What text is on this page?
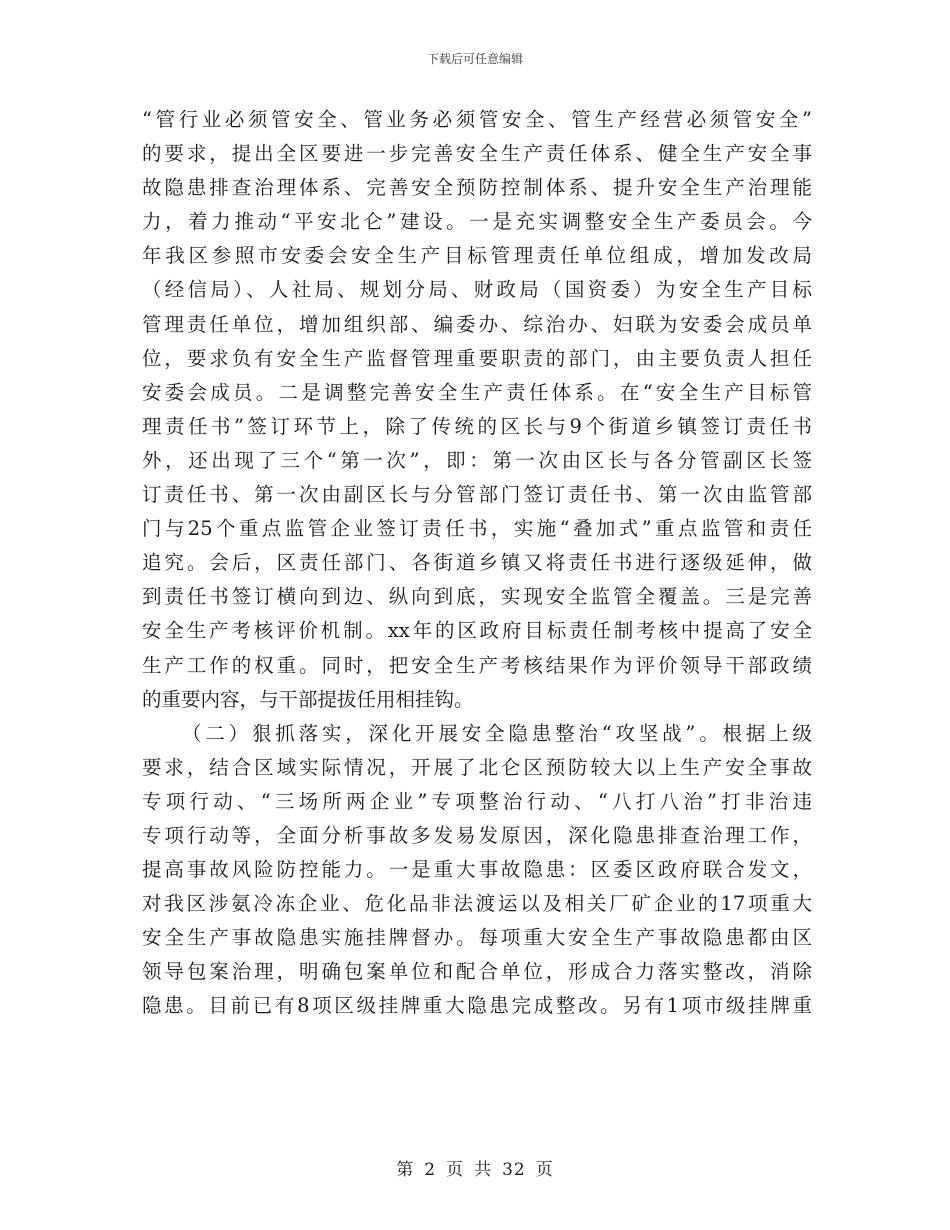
下载后可任意编辑
“管行业必须管安全、管业务必须管安全、管生产经营必须管安全”
的要求，提出全区要进一步完善安全生产责任体系、健全生产安全事
故隐患排查治理体系、完善安全预防控制体系、提升安全生产治理能
力，着力推动“平安北仑”建设。一是充实调整安全生产委员会。今
年我区参照市安委会安全生产目标管理责任单位组成，增加发改局
（经信局）、人社局、规划分局、财政局（国资委）为安全生产目标
管理责任单位，增加组织部、编委办、综治办、妇联为安委会成员单
位，要求负有安全生产监督管理重要职责的部门，由主要负责人担任
安委会成员。二是调整完善安全生产责任体系。在“安全生产目标管
理责任书”签订环节上，除了传统的区长与9个街道乡镇签订责任书
外，还出现了三个“第一次”，即：第一次由区长与各分管副区长签
订责任书、第一次由副区长与分管部门签订责任书、第一次由监管部
门与25个重点监管企业签订责任书，实施“叠加式”重点监管和责任
追究。会后，区责任部门、各街道乡镇又将责任书进行逐级延伸，做
到责任书签订横向到边、纵向到底，实现安全监管全覆盖。三是完善
安全生产考核评价机制。xx年的区政府目标责任制考核中提高了安全
生产工作的权重。同时，把安全生产考核结果作为评价领导干部政绩
的重要内容，与干部提拔任用相挂钩。
（二）狠抓落实，深化开展安全隐患整治“攻坚战”。根据上级
要求，结合区域实际情况，开展了北仑区预防较大以上生产安全事故
专项行动、“三场所两企业”专项整治行动、“八打八治”打非治违
专项行动等，全面分析事故多发易发原因，深化隐患排查治理工作，
提高事故风险防控能力。一是重大事故隐患：区委区政府联合发文，
对我区涉氨冷冻企业、危化品非法渡运以及相关厂矿企业的17项重大
安全生产事故隐患实施挂牌督办。每项重大安全生产事故隐患都由区
领导包案治理，明确包案单位和配合单位，形成合力落实整改，消除
隐患。目前已有8项区级挂牌重大隐患完成整改。另有1项市级挂牌重
第 2 页 共 32 页
